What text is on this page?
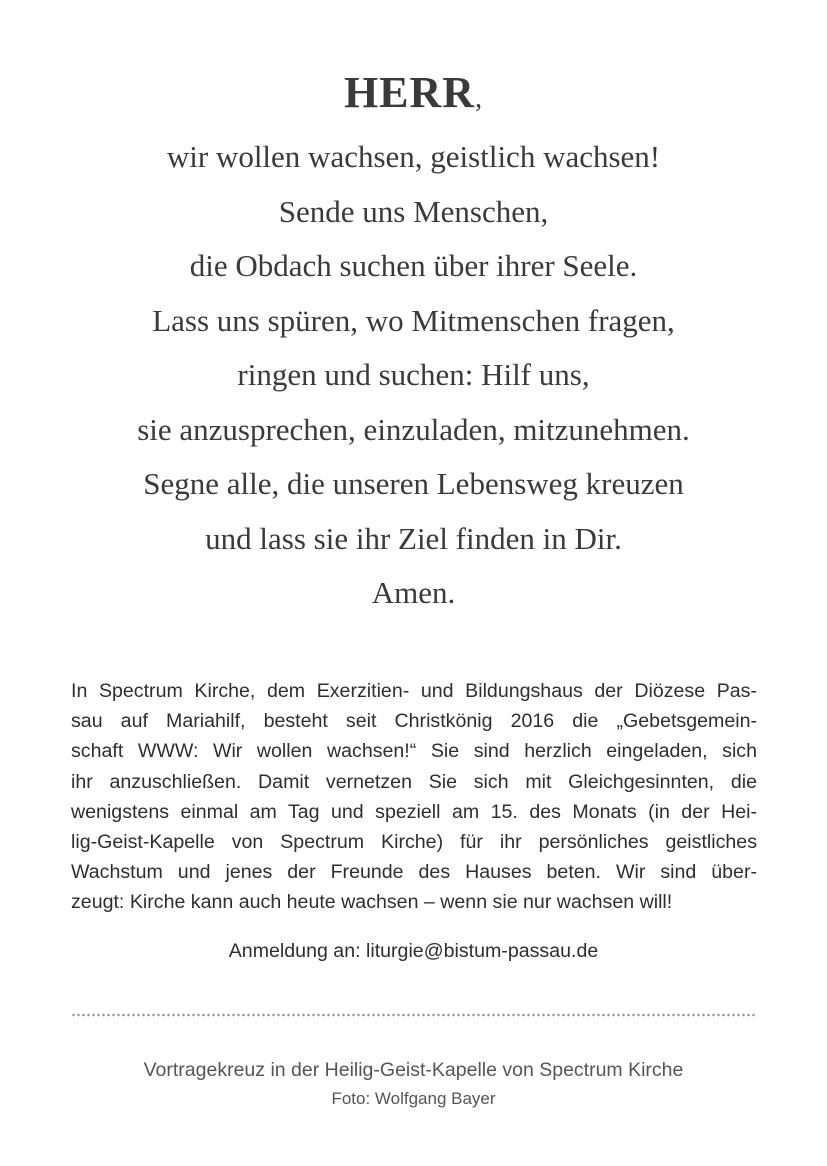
HERR,
wir wollen wachsen, geistlich wachsen!
Sende uns Menschen,
die Obdach suchen über ihrer Seele.
Lass uns spüren, wo Mitmenschen fragen,
ringen und suchen: Hilf uns,
sie anzusprechen, einzuladen, mitzunehmen.
Segne alle, die unseren Lebensweg kreuzen
und lass sie ihr Ziel finden in Dir.
Amen.
In Spectrum Kirche, dem Exerzitien- und Bildungshaus der Diözese Pas-
sau auf Mariahilf, besteht seit Christkönig 2016 die „Gebetsgemein-
schaft WWW: Wir wollen wachsen!“ Sie sind herzlich eingeladen, sich
ihr anzuschließen. Damit vernetzen Sie sich mit Gleichgesinnten, die
wenigstens einmal am Tag und speziell am 15. des Monats (in der Hei-
lig-Geist-Kapelle von Spectrum Kirche) für ihr persönliches geistliches
Wachstum und jenes der Freunde des Hauses beten. Wir sind über-
zeugt: Kirche kann auch heute wachsen – wenn sie nur wachsen will!
Anmeldung an: liturgie@bistum-passau.de
Vortragekreuz in der Heilig-Geist-Kapelle von Spectrum Kirche
Foto: Wolfgang Bayer
